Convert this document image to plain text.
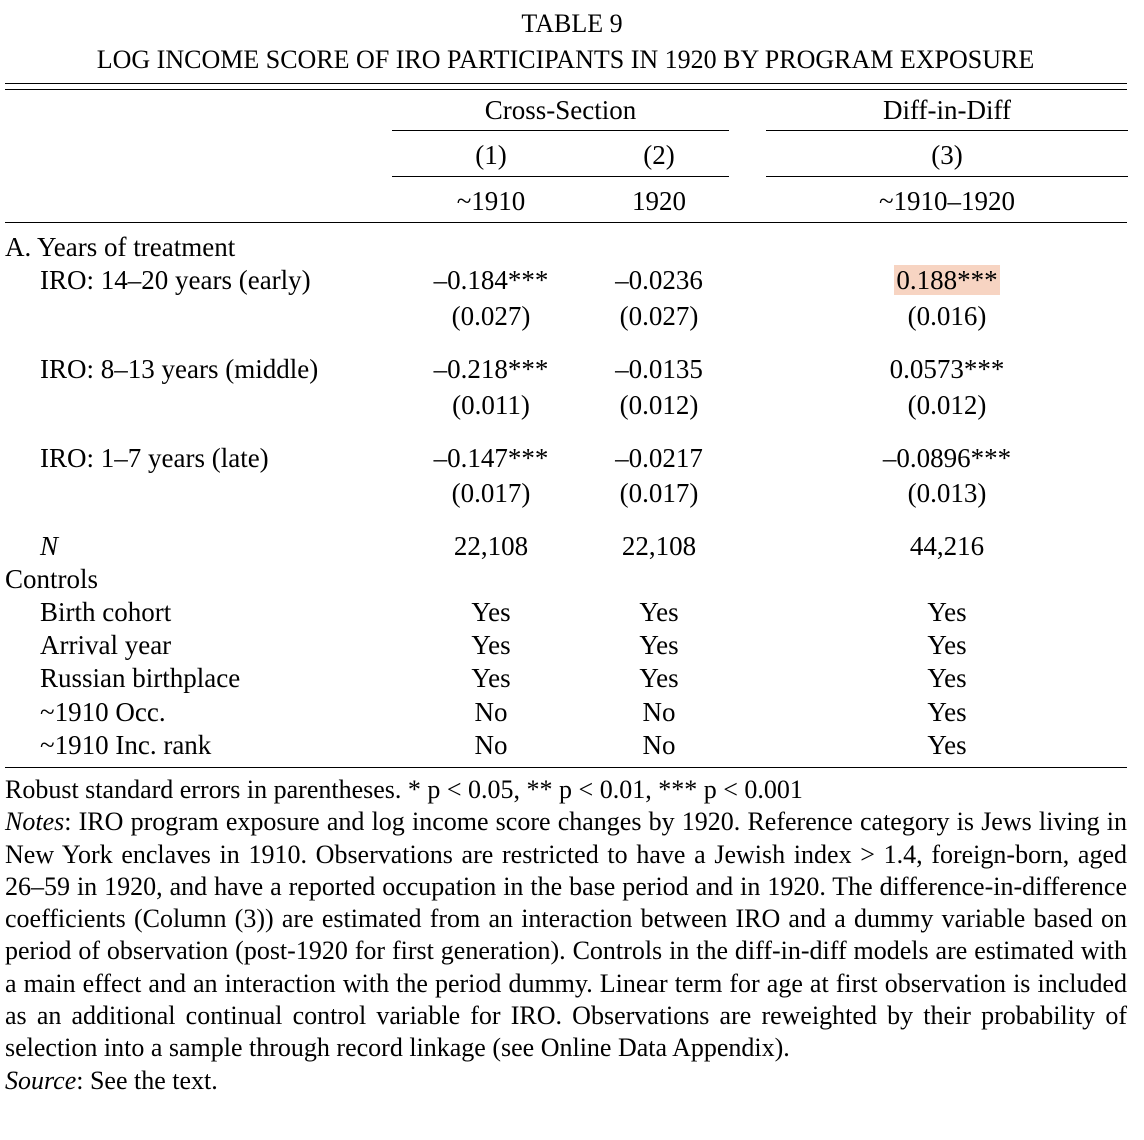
TABLE 9
LOG INCOME SCORE OF IRO PARTICIPANTS IN 1920 BY PROGRAM EXPOSURE
Cross-Section	Diff-in-Diff
(1)	(2)	(3)
~1910	1920	~1910–1920
A. Years of treatment
IRO: 14–20 years (early)	–0.184***	–0.0236	0.188***
(0.027)	(0.027)	(0.016)
IRO: 8–13 years (middle)	–0.218***	–0.0135	0.0573***
(0.011)	(0.012)	(0.012)
IRO: 1–7 years (late)	–0.147***	–0.0217	–0.0896***
(0.017)	(0.017)	(0.013)
N	22,108	22,108	44,216
Controls
Birth cohort	Yes	Yes	Yes
Arrival year	Yes	Yes	Yes
Russian birthplace	Yes	Yes	Yes
~1910 Occ.	No	No	Yes
~1910 Inc. rank	No	No	Yes

Robust standard errors in parentheses. * p < 0.05, ** p < 0.01, *** p < 0.001

Notes: IRO program exposure and log income score changes by 1920. Reference category is Jews living in New York enclaves in 1910. Observations are restricted to have a Jewish index > 1.4, foreign-born, aged 26–59 in 1920, and have a reported occupation in the base period and in 1920. The difference-in-difference coefficients (Column (3)) are estimated from an interaction between IRO and a dummy variable based on period of observation (post-1920 for first generation). Controls in the diff-in-diff models are estimated with a main effect and an interaction with the period dummy. Linear term for age at first observation is included as an additional continual control variable for IRO. Observations are reweighted by their probability of selection into a sample through record linkage (see Online Data Appendix).

Source: See the text.
